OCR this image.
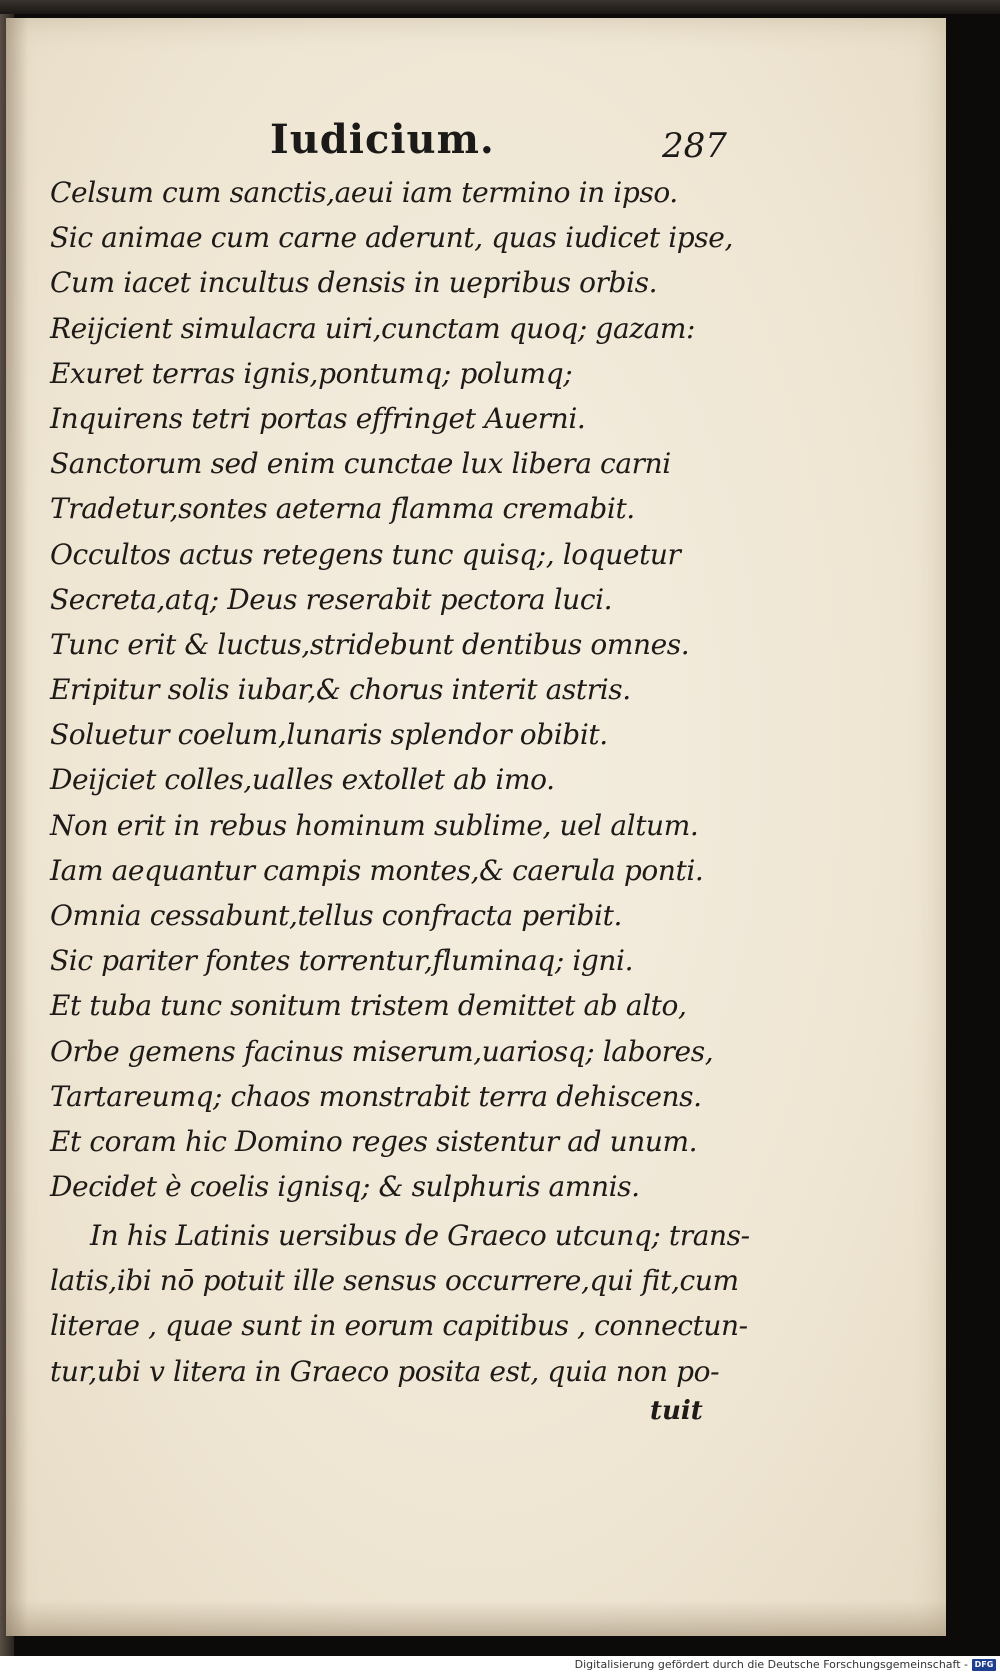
Iudicium.	287
Celsum cum sanctis,aeui iam termino in ipso.
Sic animae cum carne aderunt, quas iudicet ipse,
Cum iacet incultus densis in uepribus orbis.
Reijcient simulacra uiri,cunctam quoq; gazam:
Exuret terras ignis,pontumq; polumq;
Inquirens tetri portas effringet Auerni.
Sanctorum sed enim cunctae lux libera carni
Tradetur,sontes aeterna flamma cremabit.
Occultos actus retegens tunc quisq;, loquetur
Secreta,atq; Deus reserabit pectora luci.
Tunc erit & luctus,stridebunt dentibus omnes.
Eripitur solis iubar,& chorus interit astris.
Soluetur coelum,lunaris splendor obibit.
Deijciet colles,ualles extollet ab imo.
Non erit in rebus hominum sublime, uel altum.
Iam aequantur campis montes,& caerula ponti.
Omnia cessabunt,tellus confracta peribit.
Sic pariter fontes torrentur,fluminaq; igni.
Et tuba tunc sonitum tristem demittet ab alto,
Orbe gemens facinus miserum,uariosq; labores,
Tartareumq; chaos monstrabit terra dehiscens.
Et coram hic Domino reges sistentur ad unum.
Decidet è coelis ignisq; & sulphuris amnis.
In his Latinis uersibus de Graeco utcunq; trans-
latis,ibi nō potuit ille sensus occurrere,qui fit,cum
literae , quae sunt in eorum capitibus , connectun-
tur,ubi v litera in Graeco posita est, quia non po-
tuit
Digitalisierung gefördert durch die Deutsche Forschungsgemeinschaft - DFG
